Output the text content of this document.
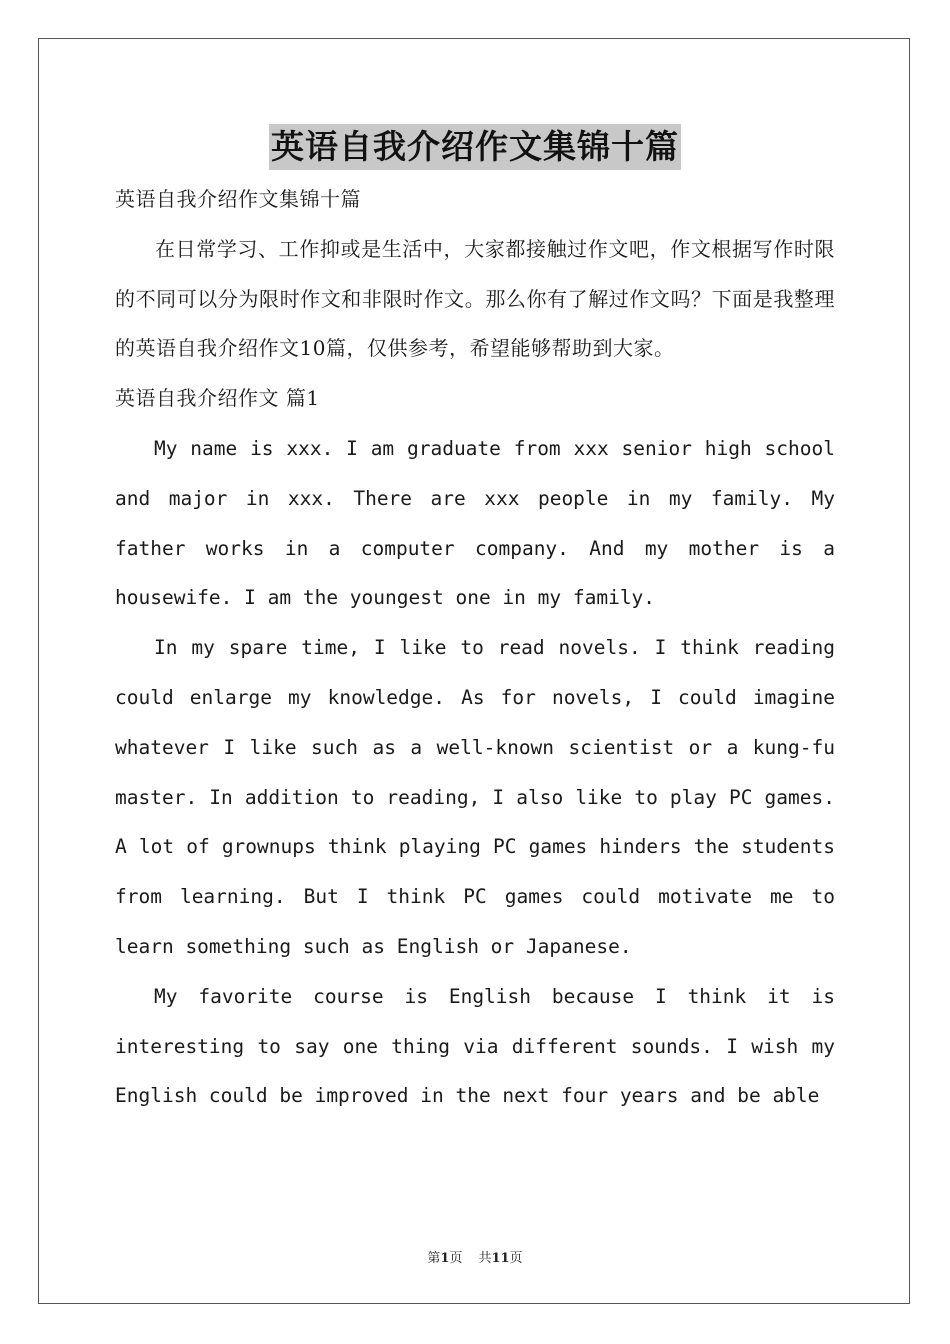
英语自我介绍作文集锦十篇

英语自我介绍作文集锦十篇

在日常学习、工作抑或是生活中，大家都接触过作文吧，作文根据写作时限的不同可以分为限时作文和非限时作文。那么你有了解过作文吗？下面是我整理的英语自我介绍作文10篇，仅供参考，希望能够帮助到大家。

英语自我介绍作文 篇1

My name is xxx. I am graduate from xxx senior high school and major in xxx. There are xxx people in my family. My father works in a computer company. And my mother is a housewife. I am the youngest one in my family.

In my spare time, I like to read novels. I think reading could enlarge my knowledge. As for novels, I could imagine whatever I like such as a well-known scientist or a kung-fu master. In addition to reading, I also like to play PC games. A lot of grownups think playing PC games hinders the students from learning. But I think PC games could motivate me to learn something such as English or Japanese.

My favorite course is English because I think it is interesting to say one thing via different sounds. I wish my English could be improved in the next four years and be able

第1页 共11页
